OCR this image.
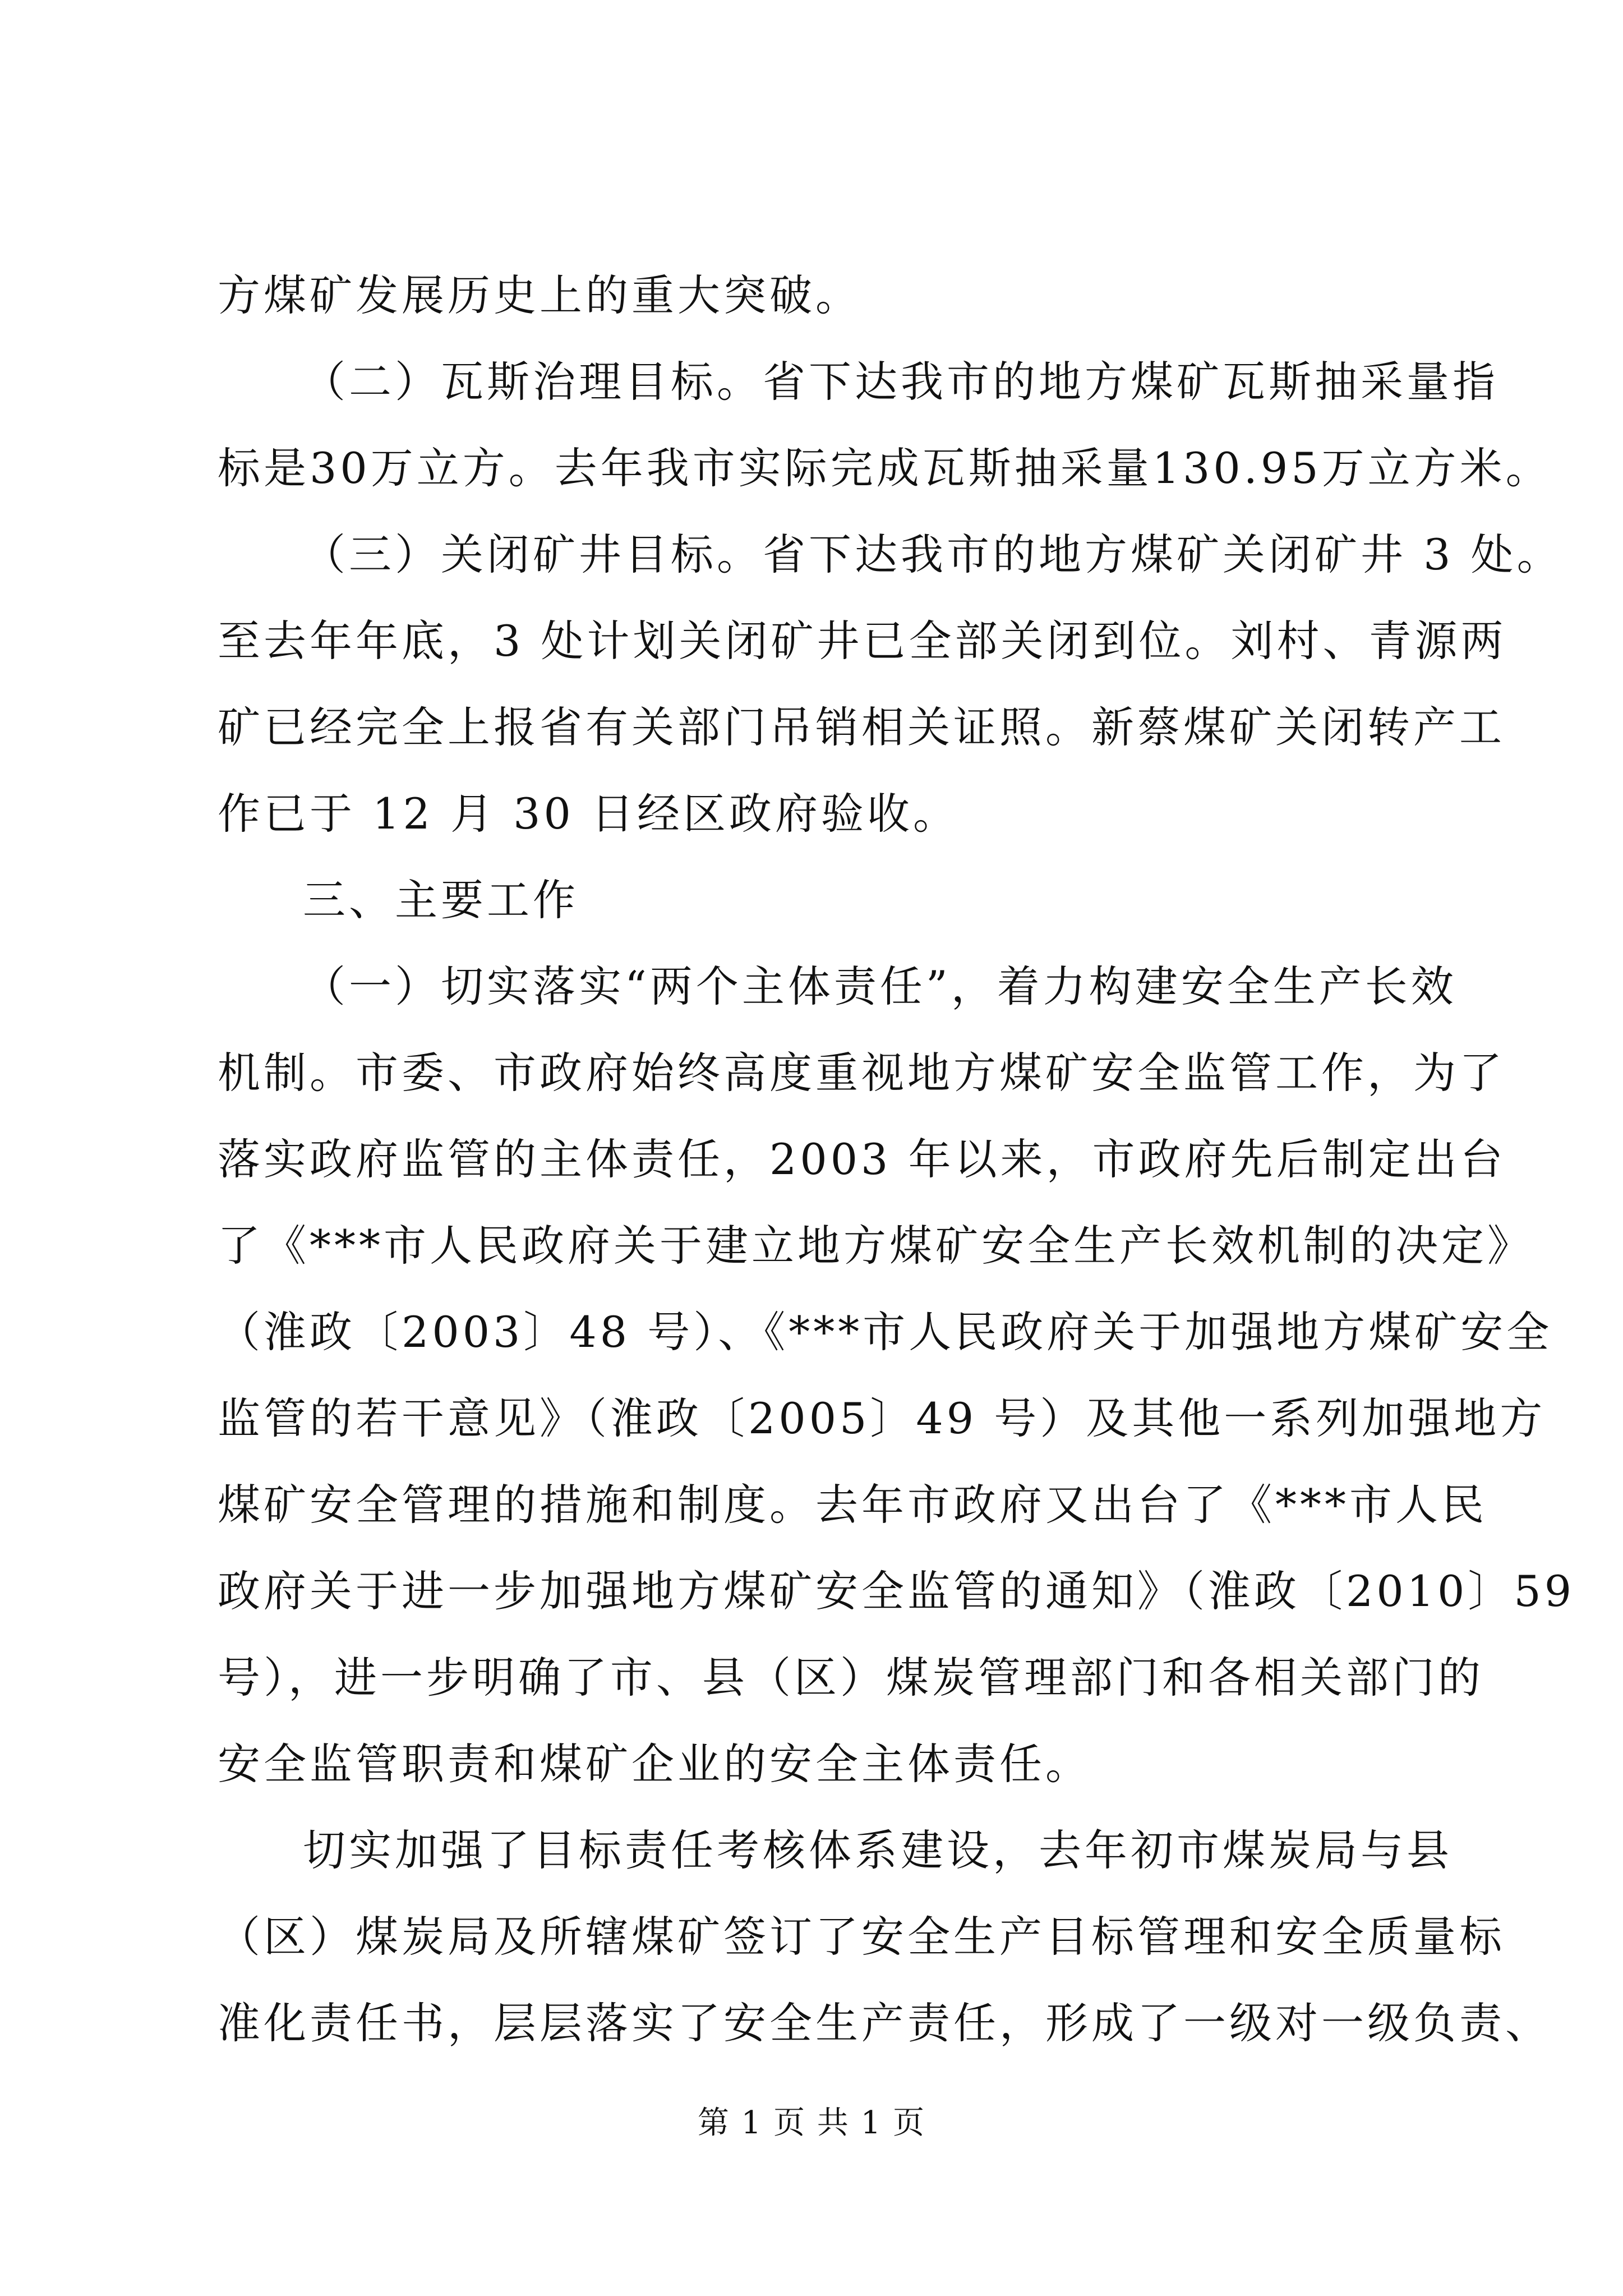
方煤矿发展历史上的重大突破。
（二）瓦斯治理目标。省下达我市的地方煤矿瓦斯抽采量指
标是30万立方。去年我市实际完成瓦斯抽采量130.95万立方米。
（三）关闭矿井目标。省下达我市的地方煤矿关闭矿井 3 处。
至去年年底，3 处计划关闭矿井已全部关闭到位。刘村、青源两
矿已经完全上报省有关部门吊销相关证照。新蔡煤矿关闭转产工
作已于 12 月 30 日经区政府验收。
三、主要工作
（一）切实落实“两个主体责任”，着力构建安全生产长效
机制。市委、市政府始终高度重视地方煤矿安全监管工作，为了
落实政府监管的主体责任，2003 年以来，市政府先后制定出台
了《***市人民政府关于建立地方煤矿安全生产长效机制的决定》
（淮政〔2003〕48 号）、《***市人民政府关于加强地方煤矿安全
监管的若干意见》（淮政〔2005〕49 号）及其他一系列加强地方
煤矿安全管理的措施和制度。去年市政府又出台了《***市人民
政府关于进一步加强地方煤矿安全监管的通知》（淮政〔2010〕59
号），进一步明确了市、县（区）煤炭管理部门和各相关部门的
安全监管职责和煤矿企业的安全主体责任。
切实加强了目标责任考核体系建设，去年初市煤炭局与县
（区）煤炭局及所辖煤矿签订了安全生产目标管理和安全质量标
准化责任书，层层落实了安全生产责任，形成了一级对一级负责、
第 1 页 共 1 页
